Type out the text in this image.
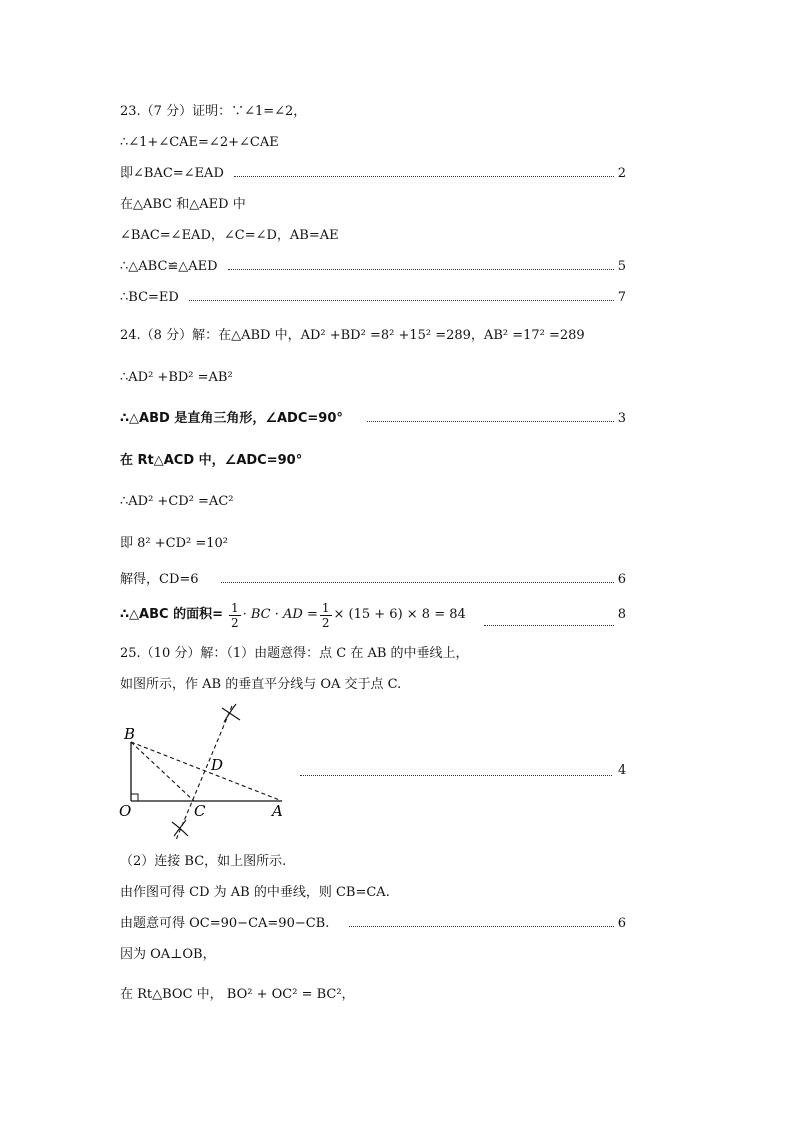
23.（7 分）证明：∵∠1=∠2，
∴∠1+∠CAE=∠2+∠CAE
即∠BAC=∠EAD	2
在△ABC 和△AED 中
∠BAC=∠EAD，∠C=∠D，AB=AE
∴△ABC≌△AED	5
∴BC=ED	7
24.（8 分）解：在△ABD 中，AD² +BD² =8² +15² =289，AB² =17² =289
∴AD² +BD² =AB²
∴△ABD 是直角三角形，∠ADC=90°	3
在 Rt△ACD 中，∠ADC=90°
∴AD² +CD² =AC²
即 8² +CD² =10²
解得，CD=6	6
∴△ABC 的面积= $\frac{1}{2}$ · BC · AD = $\frac{1}{2} \times (15 + 6) \times 8 = 84$	8
25.（10 分）解：（1）由题意得：点 C 在 AB 的中垂线上，
如图所示，作 AB 的垂直平分线与 OA 交于点 C.
B
D
O	C	A
4
（2）连接 BC，如上图所示.
由作图可得 CD 为 AB 的中垂线，则 CB=CA.
由题意可得 OC=90−CA=90−CB.	6
因为 OA⊥OB，
在 Rt△BOC 中， BO² + OC² = BC²，
